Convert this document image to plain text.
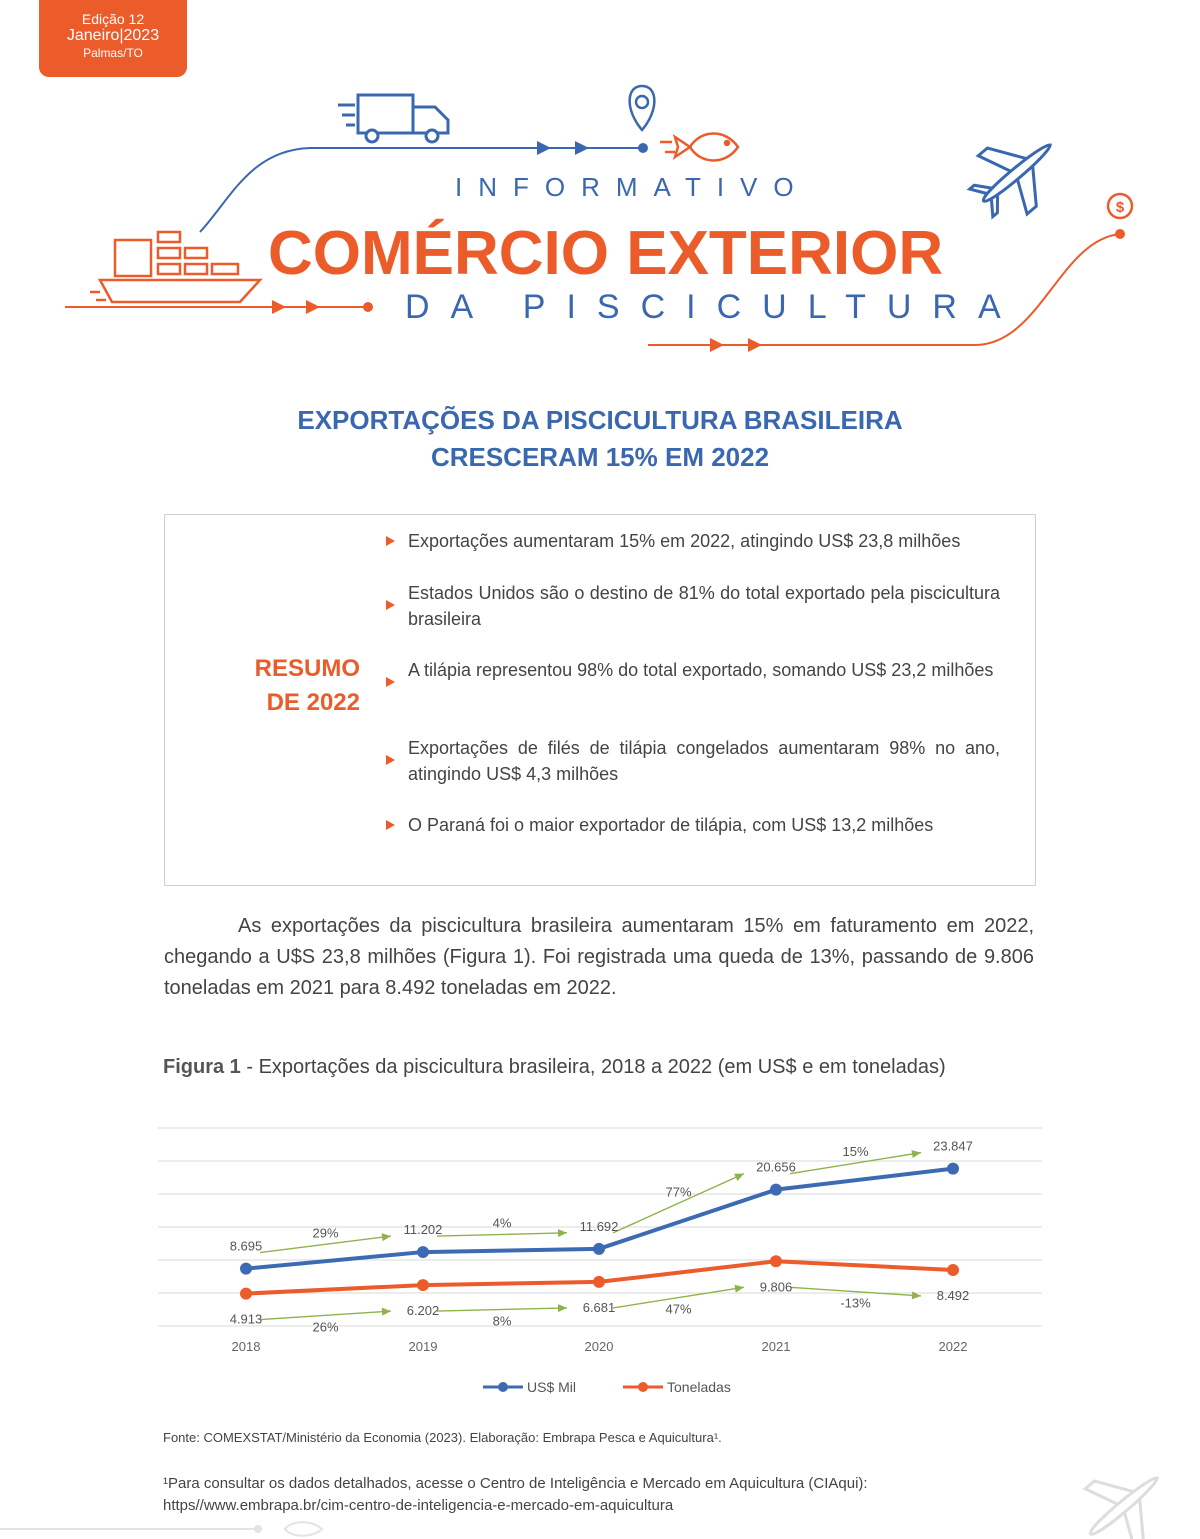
Edição 12
Janeiro|2023
Palmas/TO
$
INFORMATIVO
COMÉRCIO EXTERIOR
DA PISCICULTURA
EXPORTAÇÕES DA PISCICULTURA BRASILEIRA
CRESCERAM 15% EM 2022
RESUMO
DE 2022
Exportações aumentaram 15% em 2022, atingindo US$ 23,8 milhões
Estados Unidos são o destino de 81% do total exportado pela piscicultura brasileira
A tilápia representou 98% do total exportado, somando US$ 23,2 milhões
Exportações de filés de tilápia congelados aumentaram 98% no ano, atingindo US$ 4,3 milhões
O Paraná foi o maior exportador de tilápia, com US$ 13,2 milhões
As exportações da piscicultura brasileira aumentaram 15% em faturamento em 2022, chegando a U$S 23,8 milhões (Figura 1). Foi registrada uma queda de 13%, passando de 9.806 toneladas em 2021 para 8.492 toneladas em 2022.
Figura 1 - Exportações da piscicultura brasileira, 2018 a 2022 (em US$ e em toneladas)
2018	2019	2020	2021	2022
29%
4%
77%
15%
26%	8%
47%	-13%
8.695
11.202	11.692
20.656
23.847
4.913
6.202	6.681
9.806
8.492
US$ Mil	Toneladas
Fonte: COMEXSTAT/Ministério da Economia (2023). Elaboração: Embrapa Pesca e Aquicultura¹.
¹Para consultar os dados detalhados, acesse o Centro de Inteligência e Mercado em Aquicultura (CIAqui):
https//www.embrapa.br/cim-centro-de-inteligencia-e-mercado-em-aquicultura
